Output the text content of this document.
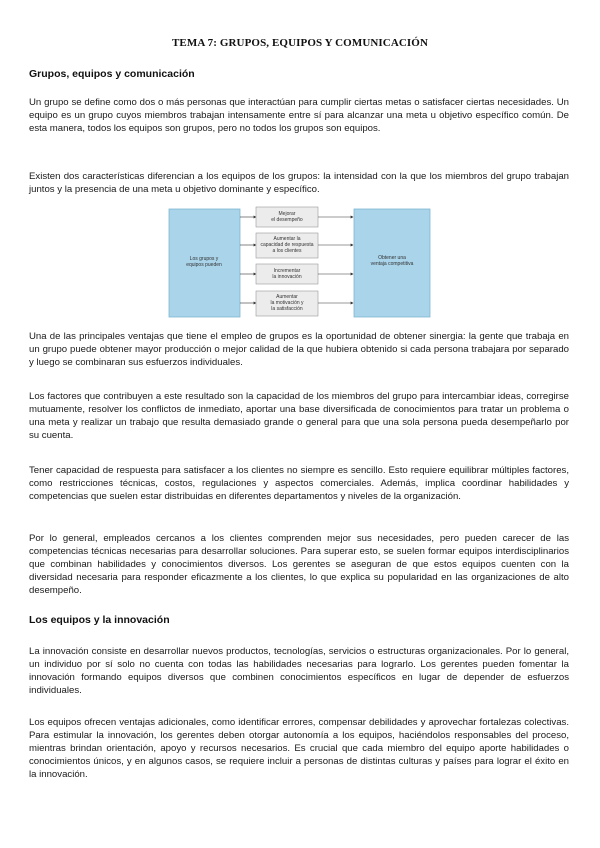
TEMA 7: GRUPOS, EQUIPOS Y COMUNICACIÓN
Grupos, equipos y comunicación
Un grupo se define como dos o más personas que interactúan para cumplir ciertas metas o satisfacer ciertas necesidades. Un equipo es un grupo cuyos miembros trabajan intensamente entre sí para alcanzar una meta u objetivo específico común. De esta manera, todos los equipos son grupos, pero no todos los grupos son equipos.
Existen dos características diferencian a los equipos de los grupos: la intensidad con la que los miembros del grupo trabajan juntos y la presencia de una meta u objetivo dominante y específico.
Los grupos y
equipos pueden
Obtener una
ventaja competitiva
Mejorar
el desempeño
Aumentar la
capacidad de respuesta
a los clientes
Incrementar
la innovación
Aumentar
la motivación y
la satisfacción
Una de las principales ventajas que tiene el empleo de grupos es la oportunidad de obtener sinergia: la gente que trabaja en un grupo puede obtener mayor producción o mejor calidad de la que hubiera obtenido si cada persona trabajara por separado y luego se combinaran sus esfuerzos individuales.
Los factores que contribuyen a este resultado son la capacidad de los miembros del grupo para intercambiar ideas, corregirse mutuamente, resolver los conflictos de inmediato, aportar una base diversificada de conocimientos para tratar un problema o una meta y realizar un trabajo que resulta demasiado grande o general para que una sola persona pueda desempeñarlo por su cuenta.
Tener capacidad de respuesta para satisfacer a los clientes no siempre es sencillo. Esto requiere equilibrar múltiples factores, como restricciones técnicas, costos, regulaciones y aspectos comerciales. Además, implica coordinar habilidades y competencias que suelen estar distribuidas en diferentes departamentos y niveles de la organización.
Por lo general, empleados cercanos a los clientes comprenden mejor sus necesidades, pero pueden carecer de las competencias técnicas necesarias para desarrollar soluciones. Para superar esto, se suelen formar equipos interdisciplinarios que combinan habilidades y conocimientos diversos. Los gerentes se aseguran de que estos equipos cuenten con la diversidad necesaria para responder eficazmente a los clientes, lo que explica su popularidad en las organizaciones de alto desempeño.
Los equipos y la innovación
La innovación consiste en desarrollar nuevos productos, tecnologías, servicios o estructuras organizacionales. Por lo general, un individuo por sí solo no cuenta con todas las habilidades necesarias para lograrlo. Los gerentes pueden fomentar la innovación formando equipos diversos que combinen conocimientos específicos en lugar de depender de esfuerzos individuales.
Los equipos ofrecen ventajas adicionales, como identificar errores, compensar debilidades y aprovechar fortalezas colectivas. Para estimular la innovación, los gerentes deben otorgar autonomía a los equipos, haciéndolos responsables del proceso, mientras brindan orientación, apoyo y recursos necesarios. Es crucial que cada miembro del equipo aporte habilidades o conocimientos únicos, y en algunos casos, se requiere incluir a personas de distintas culturas y países para lograr el éxito en la innovación.
